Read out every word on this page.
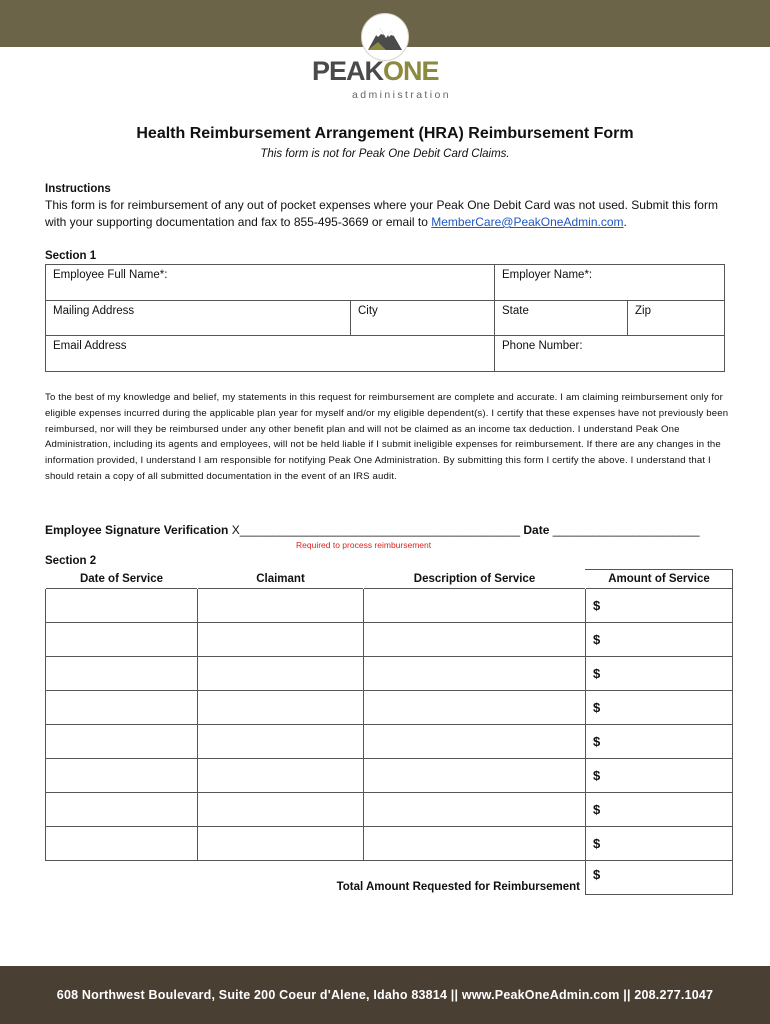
PEAKONE
administration
Health Reimbursement Arrangement (HRA) Reimbursement Form
This form is not for Peak One Debit Card Claims.
Instructions
This form is for reimbursement of any out of pocket expenses where your Peak One Debit Card was not used. Submit this form with your supporting documentation and fax to 855-495-3669 or email to MemberCare@PeakOneAdmin.com.
Section 1
Employee Full Name*:	Employer Name*:
Mailing Address	City	State	Zip
Email Address	Phone Number:
To the best of my knowledge and belief, my statements in this request for reimbursement are complete and accurate. I am claiming reimbursement only for eligible expenses incurred during the applicable plan year for myself and/or my eligible dependent(s). I certify that these expenses have not previously been reimbursed, nor will they be reimbursed under any other benefit plan and will not be claimed as an income tax deduction. I understand Peak One Administration, including its agents and employees, will not be held liable if I submit ineligible expenses for reimbursement. If there are any changes in the information provided, I understand I am responsible for notifying Peak One Administration. By submitting this form I certify the above. I understand that I should retain a copy of all submitted documentation in the event of an IRS audit.
Employee Signature Verification X__________________________________________ Date ______________________
Required to process reimbursement
Section 2
Date of Service	Claimant	Description of Service	Amount of Service
			$
			$
			$
			$
			$
			$
			$
			$
Total Amount Requested for Reimbursement			$
608 Northwest Boulevard, Suite 200 Coeur d'Alene, Idaho 83814 || www.PeakOneAdmin.com || 208.277.1047
